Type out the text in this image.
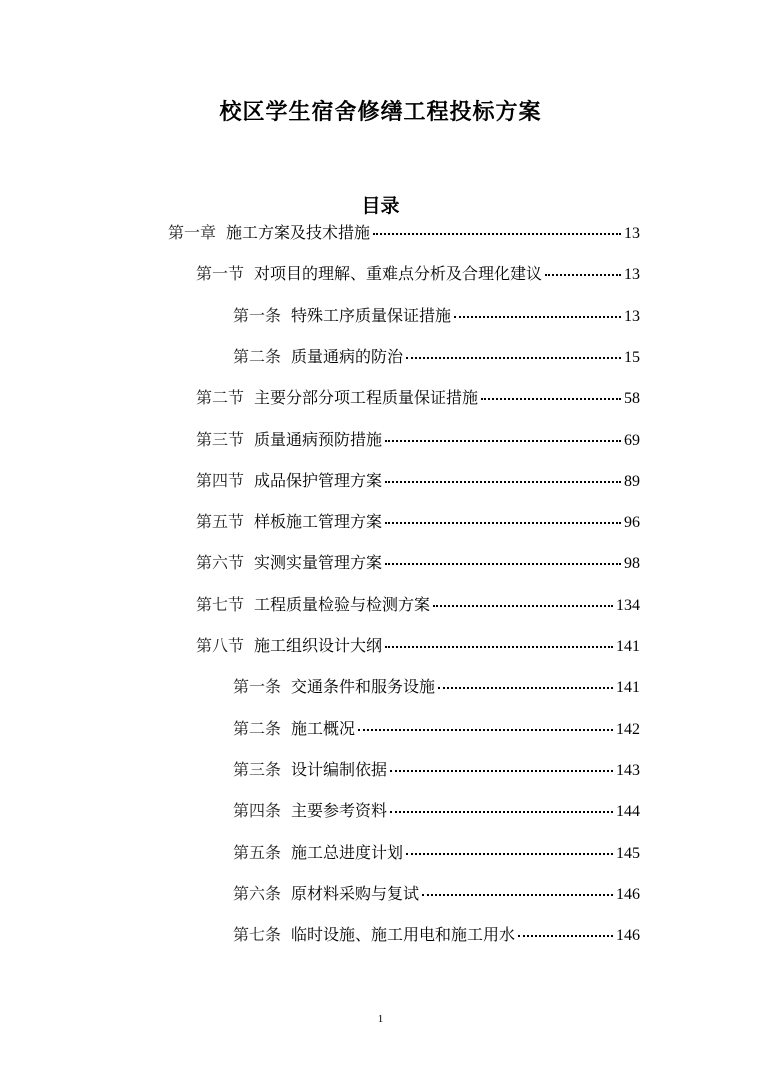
校区学生宿舍修缮工程投标方案
目录
第一章 施工方案及技术措施	13
第一节 对项目的理解、重难点分析及合理化建议	13
第一条 特殊工序质量保证措施	13
第二条 质量通病的防治	15
第二节 主要分部分项工程质量保证措施	58
第三节 质量通病预防措施	69
第四节 成品保护管理方案	89
第五节 样板施工管理方案	96
第六节 实测实量管理方案	98
第七节 工程质量检验与检测方案	134
第八节 施工组织设计大纲	141
第一条 交通条件和服务设施	141
第二条 施工概况	142
第三条 设计编制依据	143
第四条 主要参考资料	144
第五条 施工总进度计划	145
第六条 原材料采购与复试	146
第七条 临时设施、施工用电和施工用水	146
1
